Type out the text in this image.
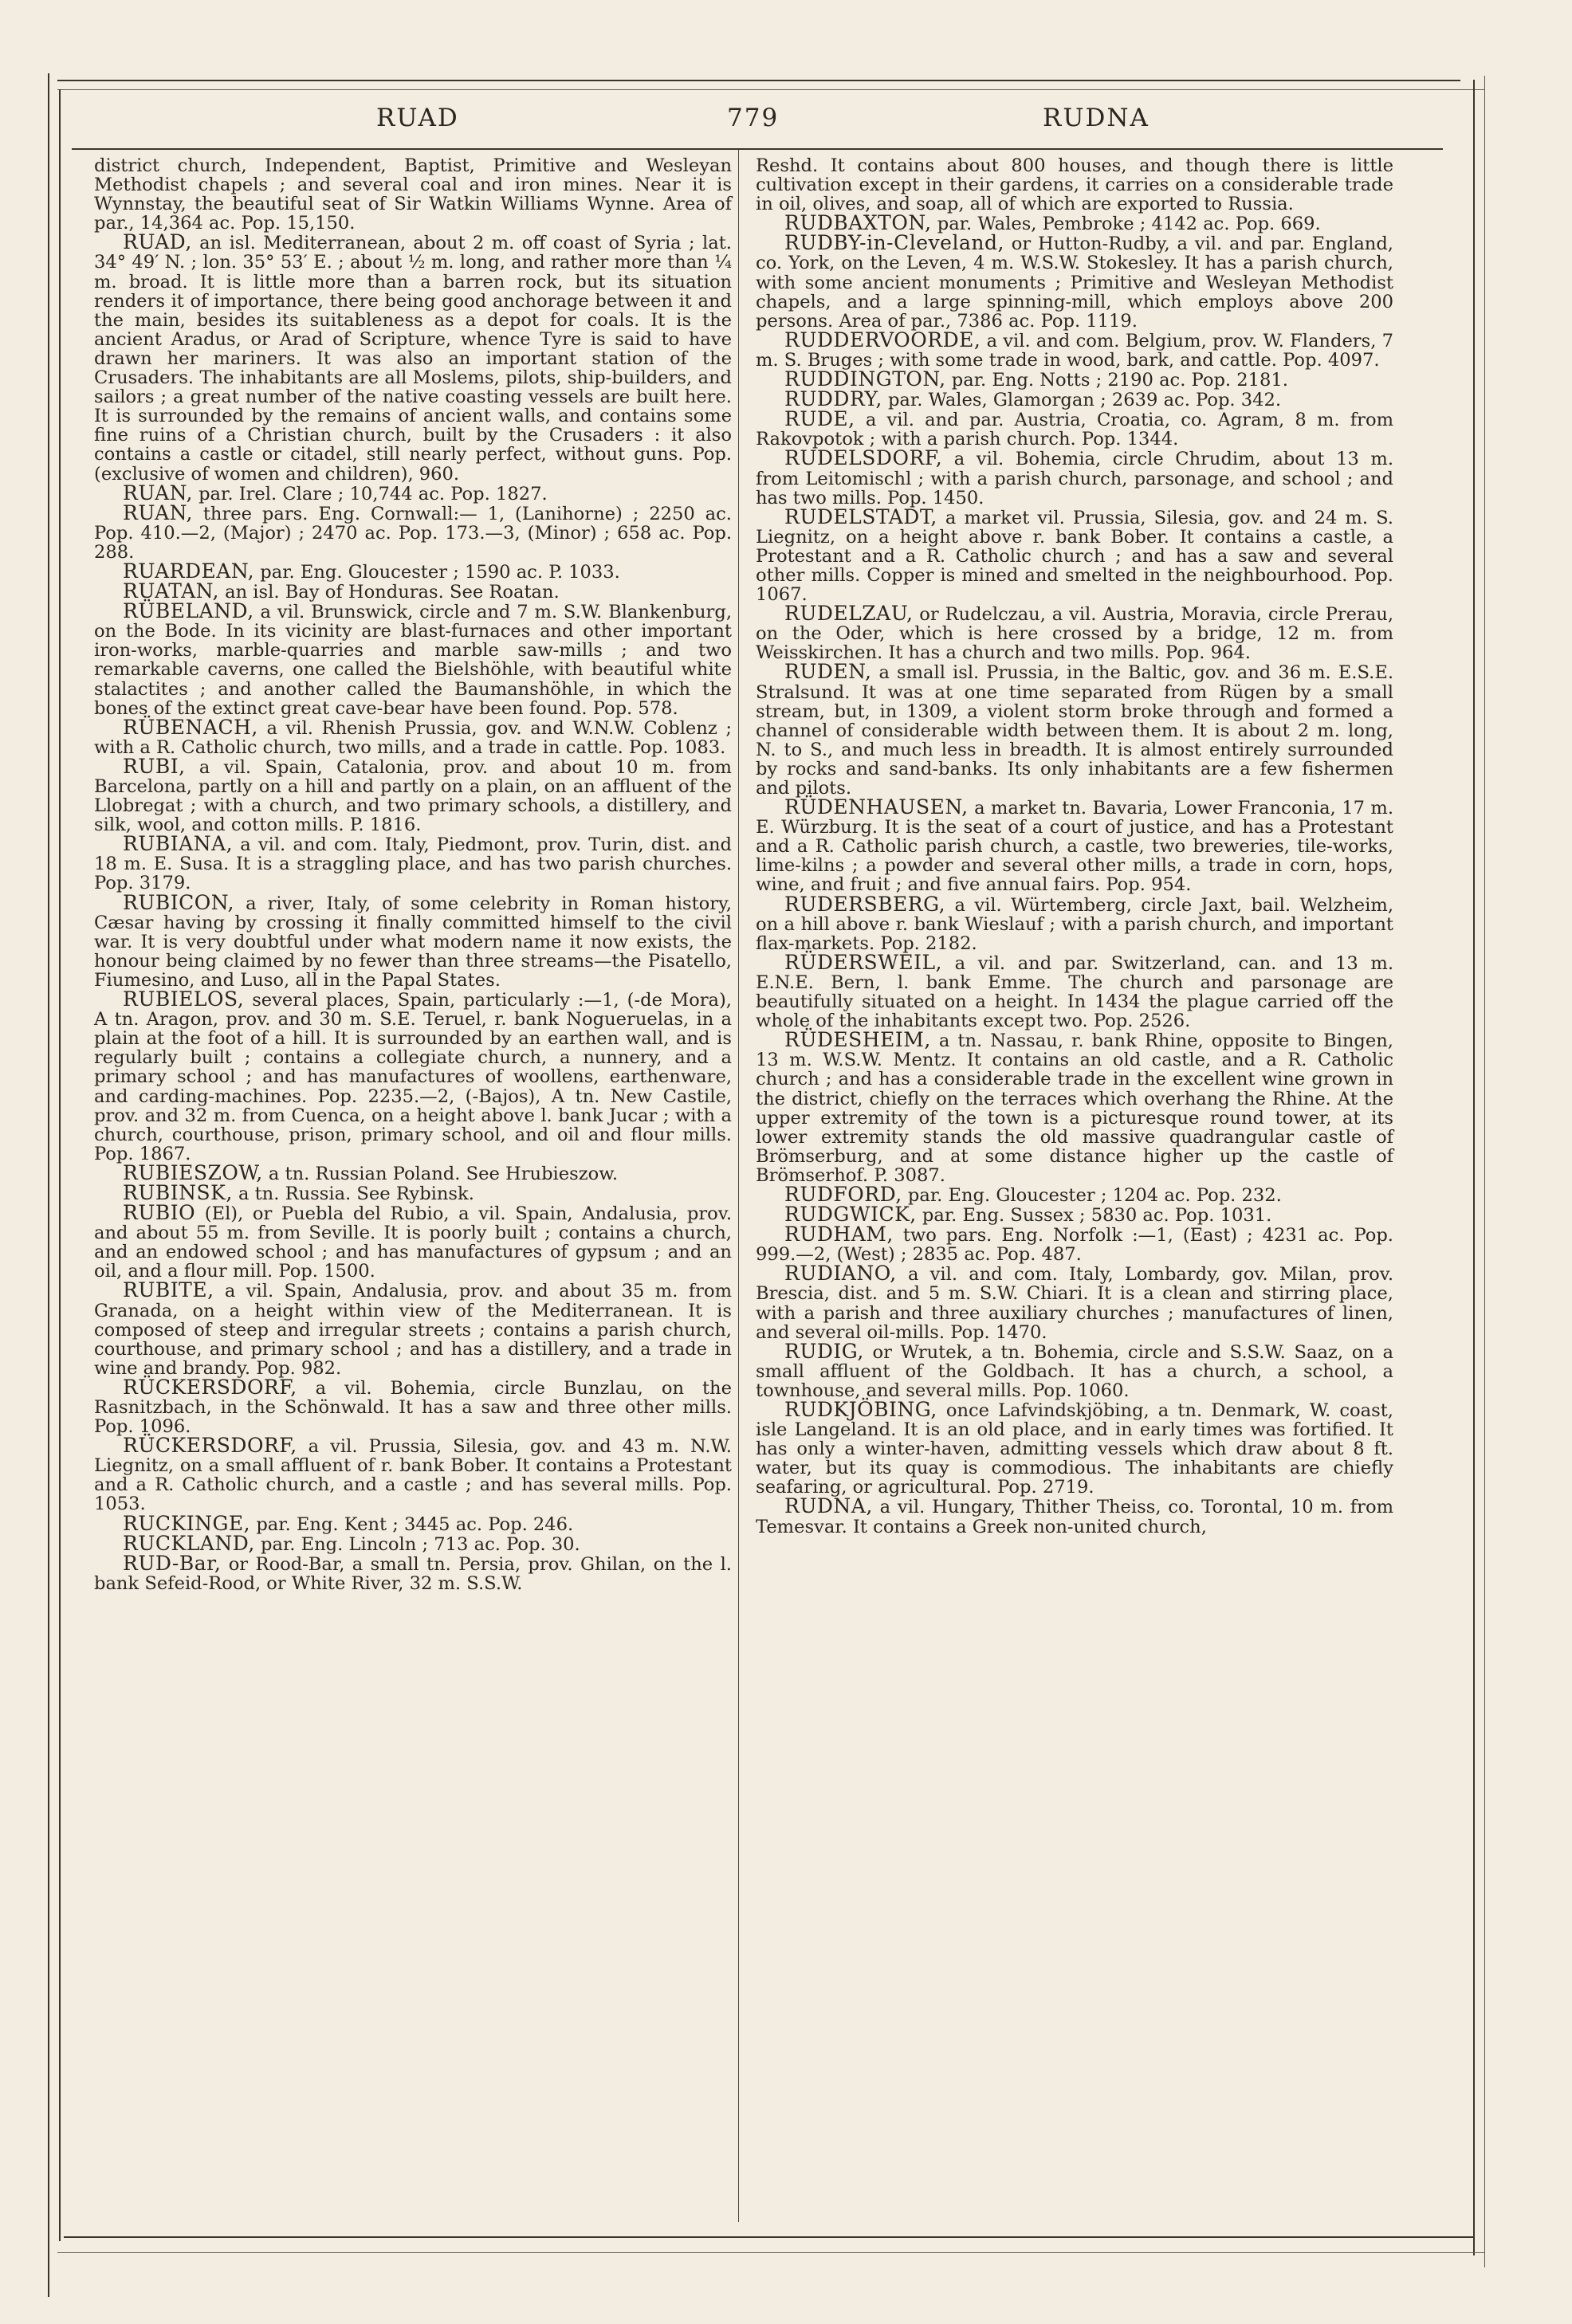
RUAD	779	RUDNA

district church, Independent, Baptist, Primitive and Wesleyan Methodist chapels ; and several coal and iron mines. Near it is Wynnstay, the beautiful seat of Sir Watkin Williams Wynne. Area of par., 14,364 ac. Pop. 15,150.

RUAD, an isl. Mediterranean, about 2 m. off coast of Syria ; lat. 34° 49′ N. ; lon. 35° 53′ E. ; about ½ m. long, and rather more than ¼ m. broad. It is little more than a barren rock, but its situation renders it of importance, there being good anchorage between it and the main, besides its suitableness as a depot for coals. It is the ancient Aradus, or Arad of Scripture, whence Tyre is said to have drawn her mariners. It was also an important station of the Crusaders. The inhabitants are all Moslems, pilots, ship-builders, and sailors ; a great number of the native coasting vessels are built here. It is surrounded by the remains of ancient walls, and contains some fine ruins of a Christian church, built by the Crusaders : it also contains a castle or citadel, still nearly perfect, without guns. Pop. (exclusive of women and children), 960.

RUAN, par. Irel. Clare ; 10,744 ac. Pop. 1827.

RUAN, three pars. Eng. Cornwall:— 1, (Lanihorne) ; 2250 ac. Pop. 410.—2, (Major) ; 2470 ac. Pop. 173.—3, (Minor) ; 658 ac. Pop. 288.

RUARDEAN, par. Eng. Gloucester ; 1590 ac. P. 1033.

RUATAN, an isl. Bay of Honduras. See Roatan.

RÜBELAND, a vil. Brunswick, circle and 7 m. S.W. Blankenburg, on the Bode. In its vicinity are blast-furnaces and other important iron-works, marble-quarries and marble saw-mills ; and two remarkable caverns, one called the Bielshöhle, with beautiful white stalactites ; and another called the Baumanshöhle, in which the bones of the extinct great cave-bear have been found. Pop. 578.

RÜBENACH, a vil. Rhenish Prussia, gov. and W.N.W. Coblenz ; with a R. Catholic church, two mills, and a trade in cattle. Pop. 1083.

RUBI, a vil. Spain, Catalonia, prov. and about 10 m. from Barcelona, partly on a hill and partly on a plain, on an affluent of the Llobregat ; with a church, and two primary schools, a distillery, and silk, wool, and cotton mills. P. 1816.

RUBIANA, a vil. and com. Italy, Piedmont, prov. Turin, dist. and 18 m. E. Susa. It is a straggling place, and has two parish churches. Pop. 3179.

RUBICON, a river, Italy, of some celebrity in Roman history, Cæsar having by crossing it finally committed himself to the civil war. It is very doubtful under what modern name it now exists, the honour being claimed by no fewer than three streams—the Pisatello, Fiumesino, and Luso, all in the Papal States.

RUBIELOS, several places, Spain, particularly :—1, (-de Mora), A tn. Aragon, prov. and 30 m. S.E. Teruel, r. bank Nogueruelas, in a plain at the foot of a hill. It is surrounded by an earthen wall, and is regularly built ; contains a collegiate church, a nunnery, and a primary school ; and has manufactures of woollens, earthenware, and carding-machines. Pop. 2235.—2, (-Bajos), A tn. New Castile, prov. and 32 m. from Cuenca, on a height above l. bank Jucar ; with a church, courthouse, prison, primary school, and oil and flour mills. Pop. 1867.

RUBIESZOW, a tn. Russian Poland. See Hrubieszow.

RUBINSK, a tn. Russia. See Rybinsk.

RUBIO (El), or Puebla del Rubio, a vil. Spain, Andalusia, prov. and about 55 m. from Seville. It is poorly built ; contains a church, and an endowed school ; and has manufactures of gypsum ; and an oil, and a flour mill. Pop. 1500.

RUBITE, a vil. Spain, Andalusia, prov. and about 35 m. from Granada, on a height within view of the Mediterranean. It is composed of steep and irregular streets ; contains a parish church, courthouse, and primary school ; and has a distillery, and a trade in wine and brandy. Pop. 982.

RÜCKERSDORF, a vil. Bohemia, circle Bunzlau, on the Rasnitzbach, in the Schönwald. It has a saw and three other mills. Pop. 1096.

RÜCKERSDORF, a vil. Prussia, Silesia, gov. and 43 m. N.W. Liegnitz, on a small affluent of r. bank Bober. It contains a Protestant and a R. Catholic church, and a castle ; and has several mills. Pop. 1053.

RUCKINGE, par. Eng. Kent ; 3445 ac. Pop. 246.

RUCKLAND, par. Eng. Lincoln ; 713 ac. Pop. 30.

RUD-Bar, or Rood-Bar, a small tn. Persia, prov. Ghilan, on the l. bank Sefeid-Rood, or White River, 32 m. S.S.W.

Reshd. It contains about 800 houses, and though there is little cultivation except in their gardens, it carries on a considerable trade in oil, olives, and soap, all of which are exported to Russia.

RUDBAXTON, par. Wales, Pembroke ; 4142 ac. Pop. 669.

RUDBY-in-Cleveland, or Hutton-Rudby, a vil. and par. England, co. York, on the Leven, 4 m. W.S.W. Stokesley. It has a parish church, with some ancient monuments ; Primitive and Wesleyan Methodist chapels, and a large spinning-mill, which employs above 200 persons. Area of par., 7386 ac. Pop. 1119.

RUDDERVOORDE, a vil. and com. Belgium, prov. W. Flanders, 7 m. S. Bruges ; with some trade in wood, bark, and cattle. Pop. 4097.

RUDDINGTON, par. Eng. Notts ; 2190 ac. Pop. 2181.

RUDDRY, par. Wales, Glamorgan ; 2639 ac. Pop. 342.

RUDE, a vil. and par. Austria, Croatia, co. Agram, 8 m. from Rakovpotok ; with a parish church. Pop. 1344.

RUDELSDORF, a vil. Bohemia, circle Chrudim, about 13 m. from Leitomischl ; with a parish church, parsonage, and school ; and has two mills. Pop. 1450.

RUDELSTADT, a market vil. Prussia, Silesia, gov. and 24 m. S. Liegnitz, on a height above r. bank Bober. It contains a castle, a Protestant and a R. Catholic church ; and has a saw and several other mills. Copper is mined and smelted in the neighbourhood. Pop. 1067.

RUDELZAU, or Rudelczau, a vil. Austria, Moravia, circle Prerau, on the Oder, which is here crossed by a bridge, 12 m. from Weisskirchen. It has a church and two mills. Pop. 964.

RUDEN, a small isl. Prussia, in the Baltic, gov. and 36 m. E.S.E. Stralsund. It was at one time separated from Rügen by a small stream, but, in 1309, a violent storm broke through and formed a channel of considerable width between them. It is about 2 m. long, N. to S., and much less in breadth. It is almost entirely surrounded by rocks and sand-banks. Its only inhabitants are a few fishermen and pilots.

RÜDENHAUSEN, a market tn. Bavaria, Lower Franconia, 17 m. E. Würzburg. It is the seat of a court of justice, and has a Protestant and a R. Catholic parish church, a castle, two breweries, tile-works, lime-kilns ; a powder and several other mills, a trade in corn, hops, wine, and fruit ; and five annual fairs. Pop. 954.

RUDERSBERG, a vil. Würtemberg, circle Jaxt, bail. Welzheim, on a hill above r. bank Wieslauf ; with a parish church, and important flax-markets. Pop. 2182.

RÜDERSWEIL, a vil. and par. Switzerland, can. and 13 m. E.N.E. Bern, l. bank Emme. The church and parsonage are beautifully situated on a height. In 1434 the plague carried off the whole of the inhabitants except two. Pop. 2526.

RÜDESHEIM, a tn. Nassau, r. bank Rhine, opposite to Bingen, 13 m. W.S.W. Mentz. It contains an old castle, and a R. Catholic church ; and has a considerable trade in the excellent wine grown in the district, chiefly on the terraces which overhang the Rhine. At the upper extremity of the town is a picturesque round tower, at its lower extremity stands the old massive quadrangular castle of Brömserburg, and at some distance higher up the castle of Brömserhof. P. 3087.

RUDFORD, par. Eng. Gloucester ; 1204 ac. Pop. 232.

RUDGWICK, par. Eng. Sussex ; 5830 ac. Pop. 1031.

RUDHAM, two pars. Eng. Norfolk :—1, (East) ; 4231 ac. Pop. 999.—2, (West) ; 2835 ac. Pop. 487.

RUDIANO, a vil. and com. Italy, Lombardy, gov. Milan, prov. Brescia, dist. and 5 m. S.W. Chiari. It is a clean and stirring place, with a parish and three auxiliary churches ; manufactures of linen, and several oil-mills. Pop. 1470.

RUDIG, or Wrutek, a tn. Bohemia, circle and S.S.W. Saaz, on a small affluent of the Goldbach. It has a church, a school, a townhouse, and several mills. Pop. 1060.

RUDKJÖBING, once Lafvindskjöbing, a tn. Denmark, W. coast, isle Langeland. It is an old place, and in early times was fortified. It has only a winter-haven, admitting vessels which draw about 8 ft. water, but its quay is commodious. The inhabitants are chiefly seafaring, or agricultural. Pop. 2719.

RUDNA, a vil. Hungary, Thither Theiss, co. Torontal, 10 m. from Temesvar. It contains a Greek non-united church,
